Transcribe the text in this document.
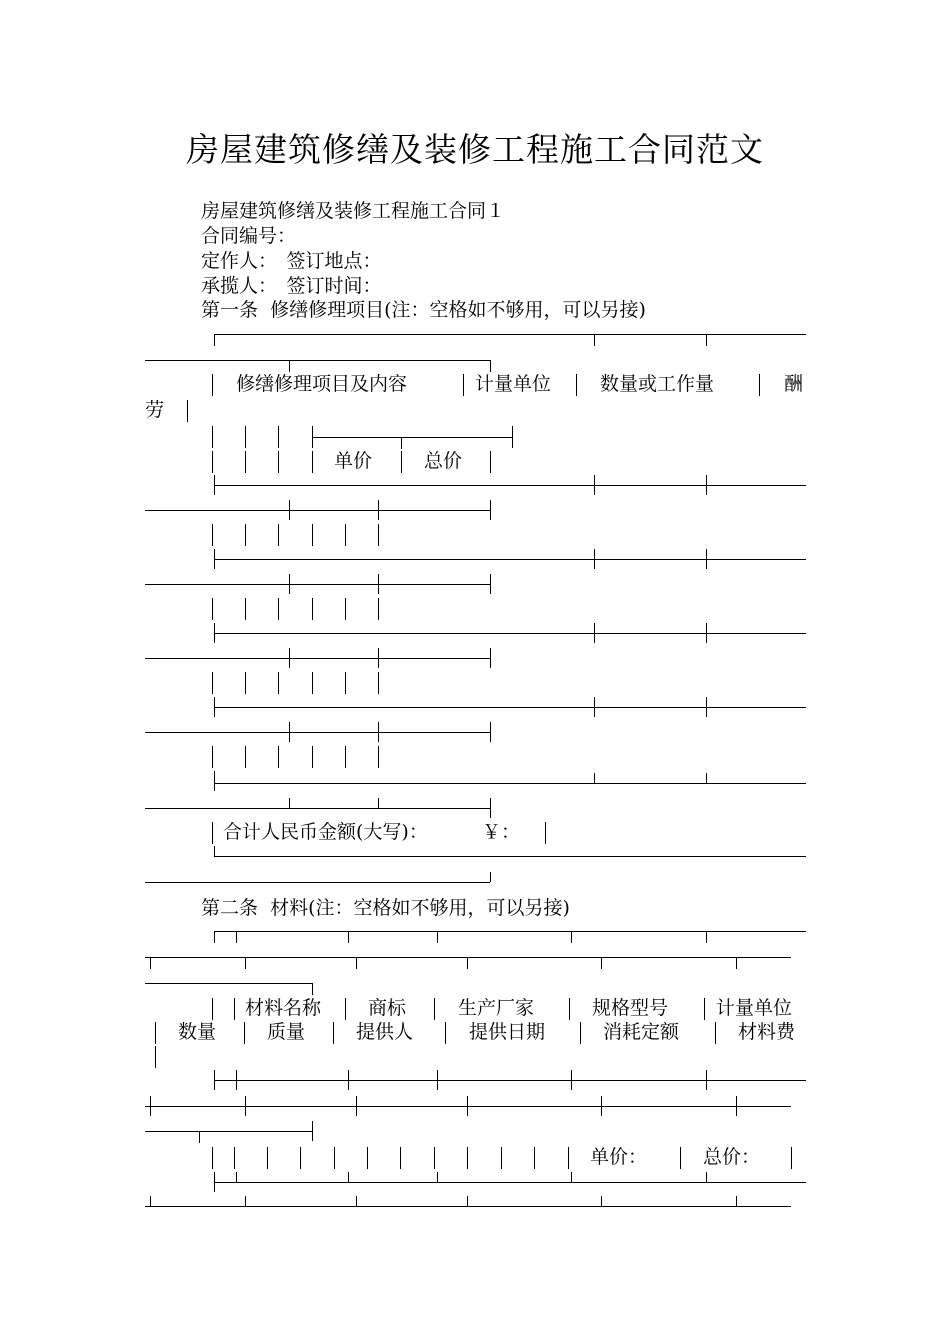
房屋建筑修缮及装修工程施工合同范文
房屋建筑修缮及装修工程施工合同１
合同编号：
定作人：　签订地点：
承揽人：　签订时间：
第一条  修缮修理项目(注：空格如不够用，可以另接)
修缮修理项目及内容	计量单位	数量或工作量	酬
劳
单价	总价
合计人民币金额(大写)：	￥：
第二条  材料(注：空格如不够用，可以另接)
材料名称 商标	生产厂家	规格型号	计量单位
数量	质量	提供人	提供日期	消耗定额	材料费
单价：	总价：
